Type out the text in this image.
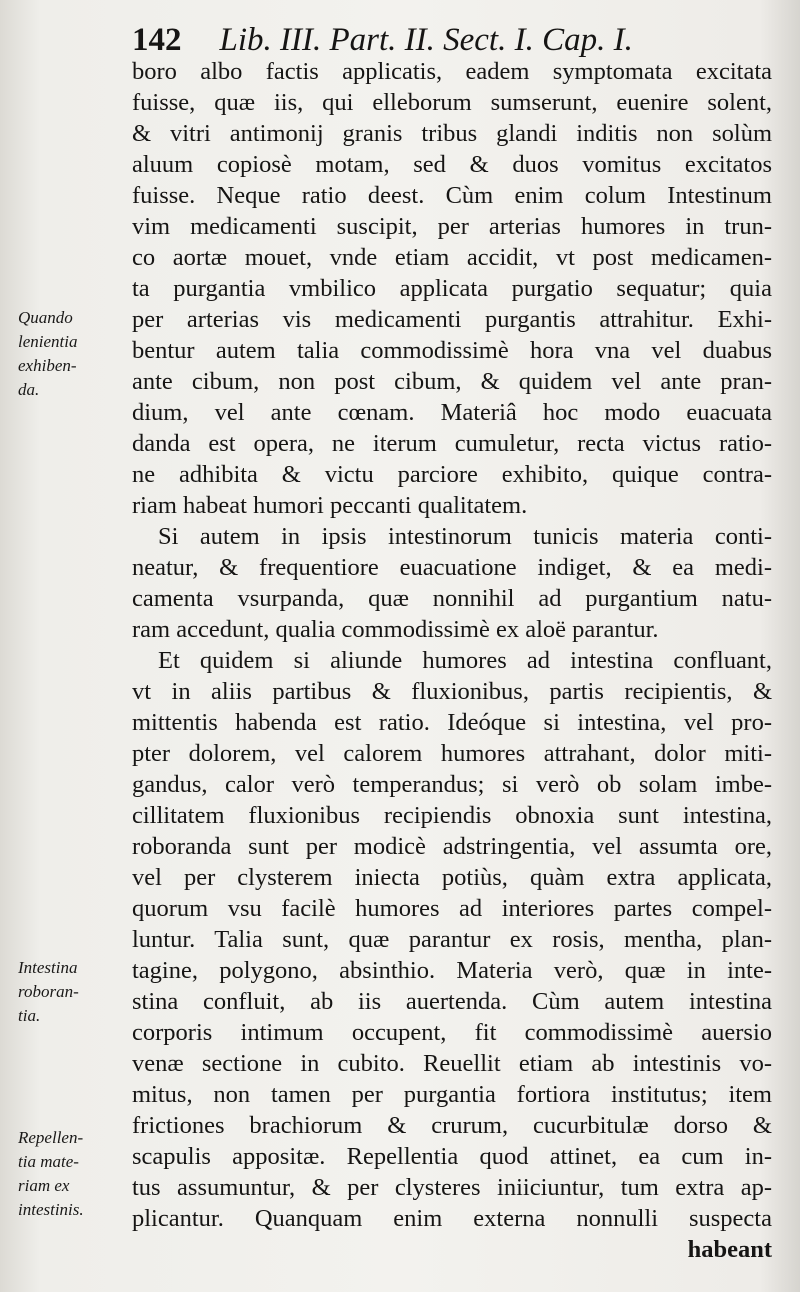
142 Lib. III. Part. II. Sect. I. Cap. I.
boro albo factis applicatis, eadem symptomata excitata
fuisse, quæ iis, qui elleborum sumserunt, euenire solent,
& vitri antimonij granis tribus glandi inditis non solùm
aluum copiosè motam, sed & duos vomitus excitatos
fuisse. Neque ratio deest. Cùm enim colum Intestinum
vim medicamenti suscipit, per arterias humores in trun-
co aortæ mouet, vnde etiam accidit, vt post medicamen-
ta purgantia vmbilico applicata purgatio sequatur; quia
per arterias vis medicamenti purgantis attrahitur. Exhi-
bentur autem talia commodissimè hora vna vel duabus
ante cibum, non post cibum, & quidem vel ante pran-
dium, vel ante cœnam. Materiâ hoc modo euacuata
danda est opera, ne iterum cumuletur, recta victus ratio-
ne adhibita & victu parciore exhibito, quique contra-
riam habeat humori peccanti qualitatem.
Si autem in ipsis intestinorum tunicis materia conti-
neatur, & frequentiore euacuatione indiget, & ea medi-
camenta vsurpanda, quæ nonnihil ad purgantium natu-
ram accedunt, qualia commodissimè ex aloë parantur.
Et quidem si aliunde humores ad intestina confluant,
vt in aliis partibus & fluxionibus, partis recipientis, &
mittentis habenda est ratio. Ideóque si intestina, vel pro-
pter dolorem, vel calorem humores attrahant, dolor miti-
gandus, calor verò temperandus; si verò ob solam imbe-
cillitatem fluxionibus recipiendis obnoxia sunt intestina,
roboranda sunt per modicè adstringentia, vel assumta ore,
vel per clysterem iniecta potiùs, quàm extra applicata,
quorum vsu facilè humores ad interiores partes compel-
luntur. Talia sunt, quæ parantur ex rosis, mentha, plan-
tagine, polygono, absinthio. Materia verò, quæ in inte-
stina confluit, ab iis auertenda. Cùm autem intestina
corporis intimum occupent, fit commodissimè auersio
venæ sectione in cubito. Reuellit etiam ab intestinis vo-
mitus, non tamen per purgantia fortiora institutus; item
frictiones brachiorum & crurum, cucurbitulæ dorso &
scapulis appositæ. Repellentia quod attinet, ea cum in-
tus assumuntur, & per clysteres iniiciuntur, tum extra ap-
plicantur. Quanquam enim externa nonnulli suspecta
habeant
Quando
lenientia
exhiben-
da.
Intestina
roboran-
tia.
Repellen-
tia mate-
riam ex
intestinis.
